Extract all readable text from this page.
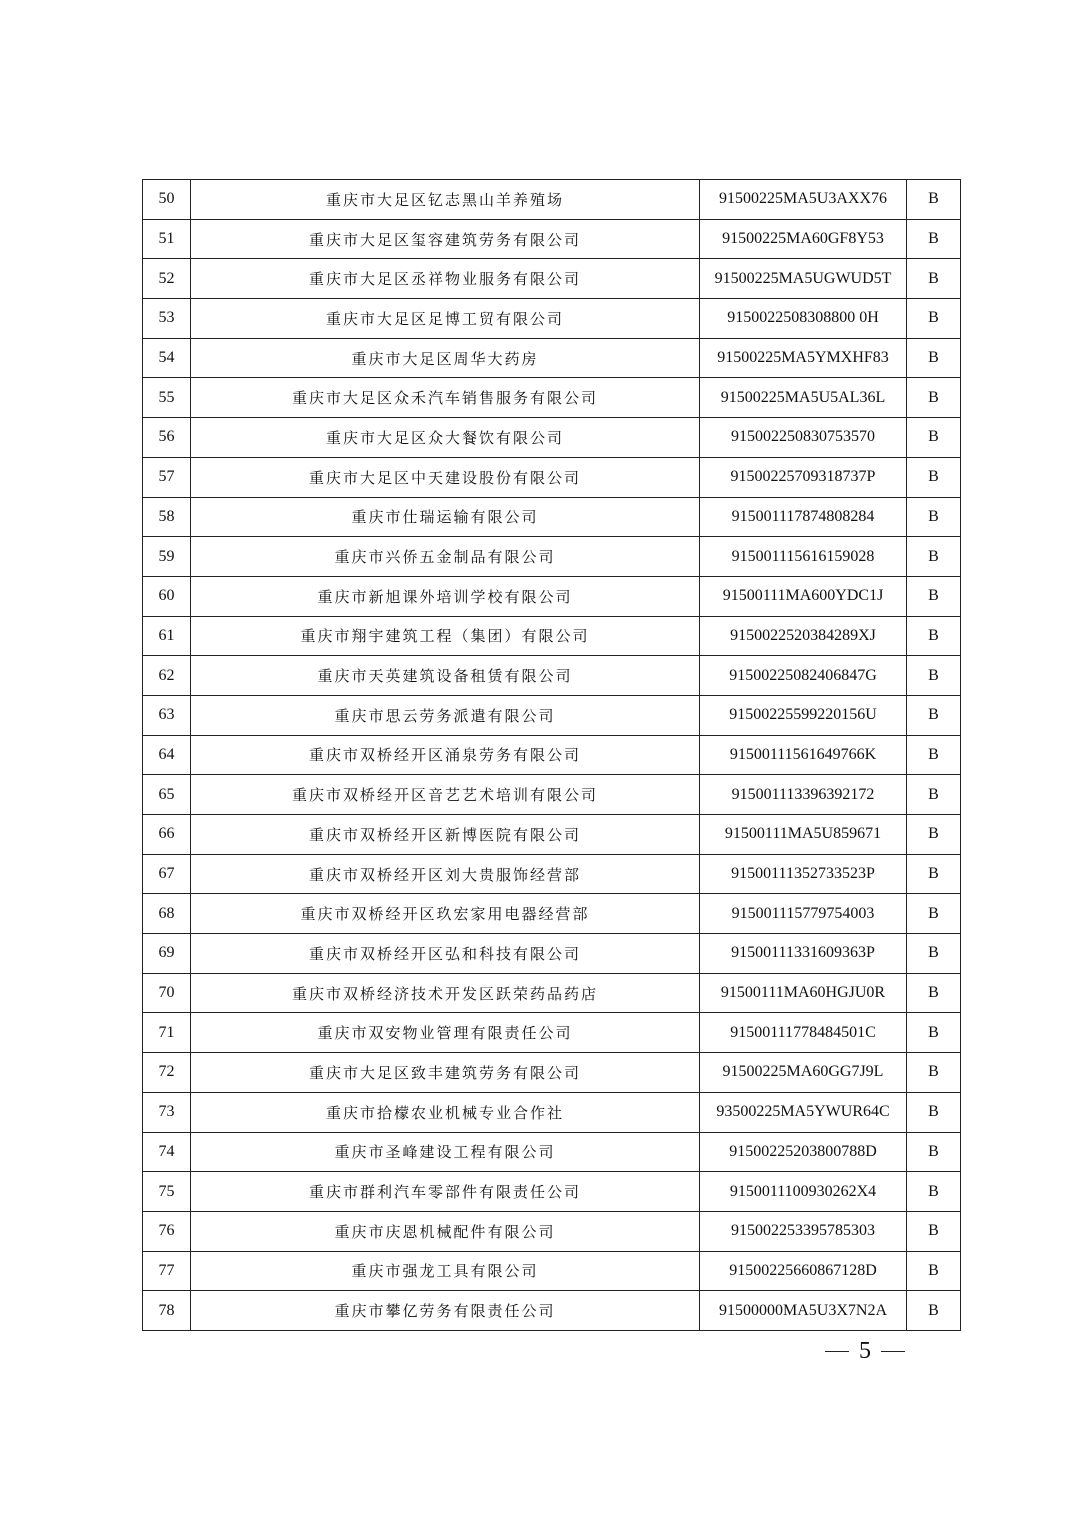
50	重庆市大足区钇志黑山羊养殖场	91500225MA5U3AXX76	B
51	重庆市大足区玺容建筑劳务有限公司	91500225MA60GF8Y53	B
52	重庆市大足区丞祥物业服务有限公司	91500225MA5UGWUD5T	B
53	重庆市大足区足博工贸有限公司	9150022508308800 0H	B
54	重庆市大足区周华大药房	91500225MA5YMXHF83	B
55	重庆市大足区众禾汽车销售服务有限公司	91500225MA5U5AL36L	B
56	重庆市大足区众大餐饮有限公司	915002250830753570	B
57	重庆市大足区中天建设股份有限公司	91500225709318737P	B
58	重庆市仕瑞运输有限公司	915001117874808284	B
59	重庆市兴侨五金制品有限公司	915001115616159028	B
60	重庆市新旭课外培训学校有限公司	91500111MA600YDC1J	B
61	重庆市翔宇建筑工程（集团）有限公司	9150022520384289XJ	B
62	重庆市天英建筑设备租赁有限公司	91500225082406847G	B
63	重庆市思云劳务派遣有限公司	91500225599220156U	B
64	重庆市双桥经开区涌泉劳务有限公司	91500111561649766K	B
65	重庆市双桥经开区音艺艺术培训有限公司	915001113396392172	B
66	重庆市双桥经开区新博医院有限公司	91500111MA5U859671	B
67	重庆市双桥经开区刘大贵服饰经营部	91500111352733523P	B
68	重庆市双桥经开区玖宏家用电器经营部	915001115779754003	B
69	重庆市双桥经开区弘和科技有限公司	91500111331609363P	B
70	重庆市双桥经济技术开发区跃荣药品药店	91500111MA60HGJU0R	B
71	重庆市双安物业管理有限责任公司	91500111778484501C	B
72	重庆市大足区致丰建筑劳务有限公司	91500225MA60GG7J9L	B
73	重庆市拾檬农业机械专业合作社	93500225MA5YWUR64C	B
74	重庆市圣峰建设工程有限公司	91500225203800788D	B
75	重庆市群利汽车零部件有限责任公司	9150011100930262X4	B
76	重庆市庆恩机械配件有限公司	915002253395785303	B
77	重庆市强龙工具有限公司	91500225660867128D	B
78	重庆市攀亿劳务有限责任公司	91500000MA5U3X7N2A	B
5
